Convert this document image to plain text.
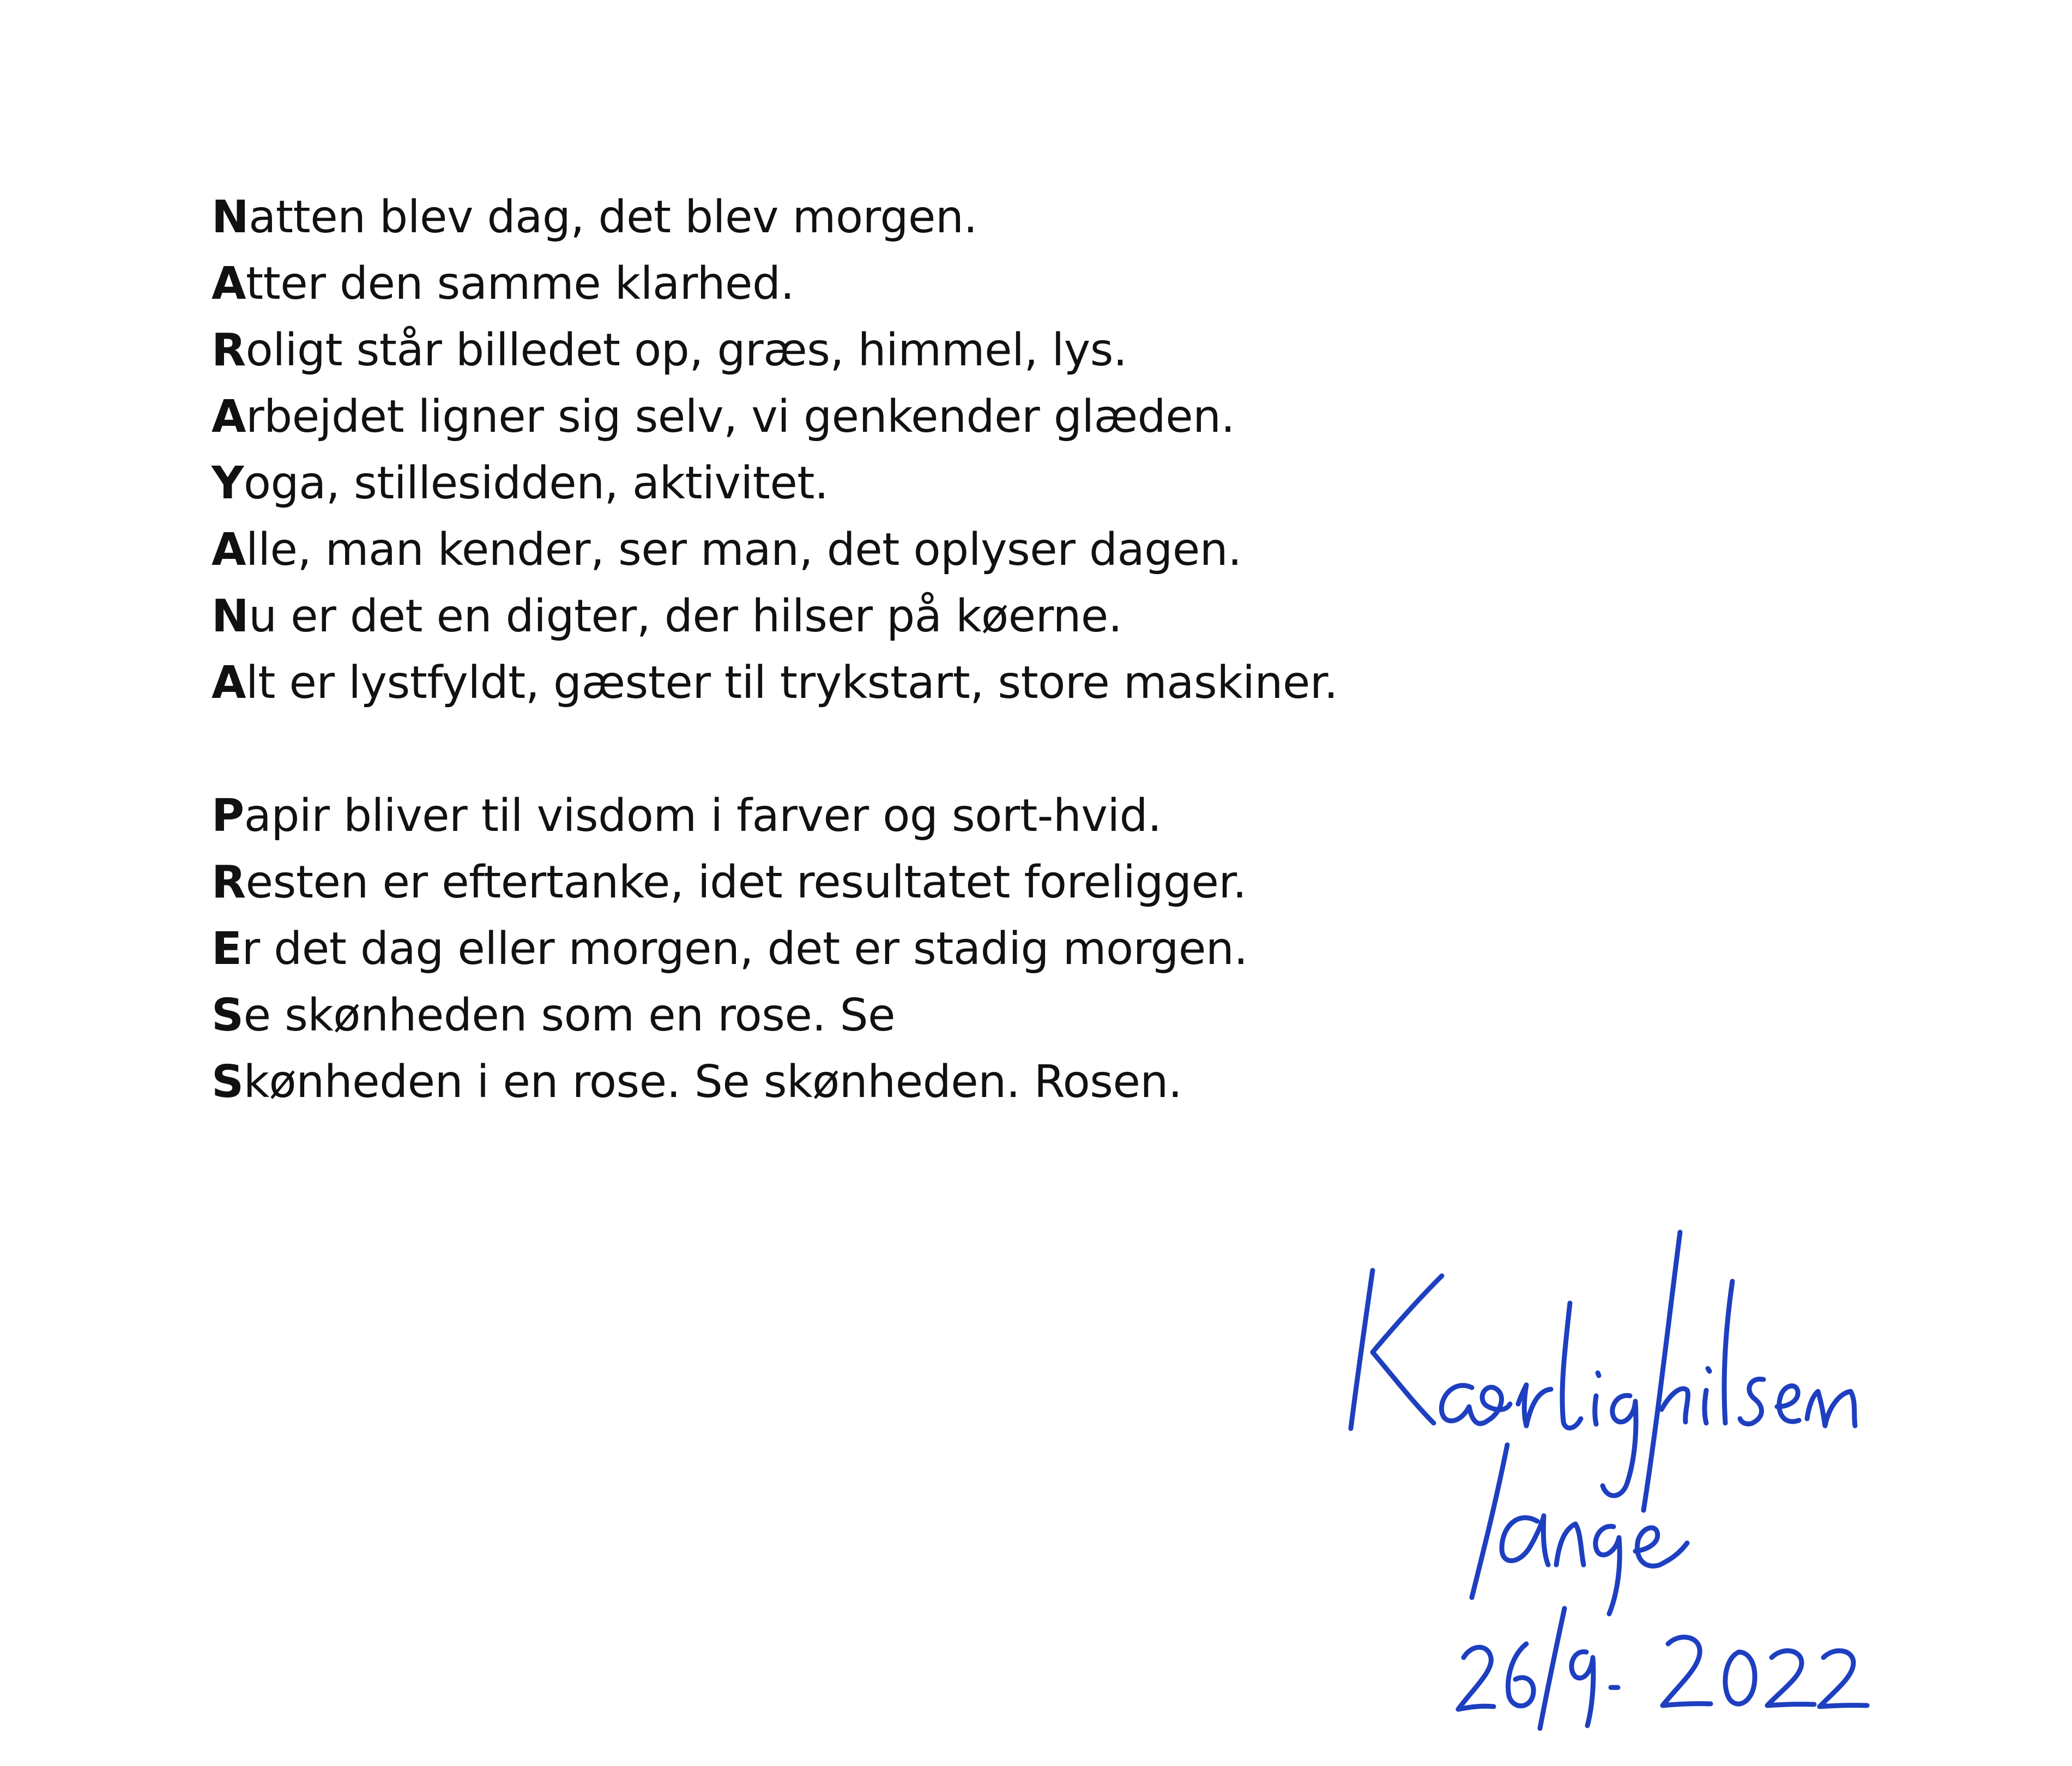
Natten blev dag, det blev morgen.
Atter den samme klarhed.
Roligt står billedet op, græs, himmel, lys.
Arbejdet ligner sig selv, vi genkender glæden.
Yoga, stillesidden, aktivitet.
Alle, man kender, ser man, det oplyser dagen.
Nu er det en digter, der hilser på køerne.
Alt er lystfyldt, gæster til trykstart, store maskiner.
Papir bliver til visdom i farver og sort-hvid.
Resten er eftertanke, idet resultatet foreligger.
Er det dag eller morgen, det er stadig morgen.
Se skønheden som en rose. Se
Skønheden i en rose. Se skønheden. Rosen.
